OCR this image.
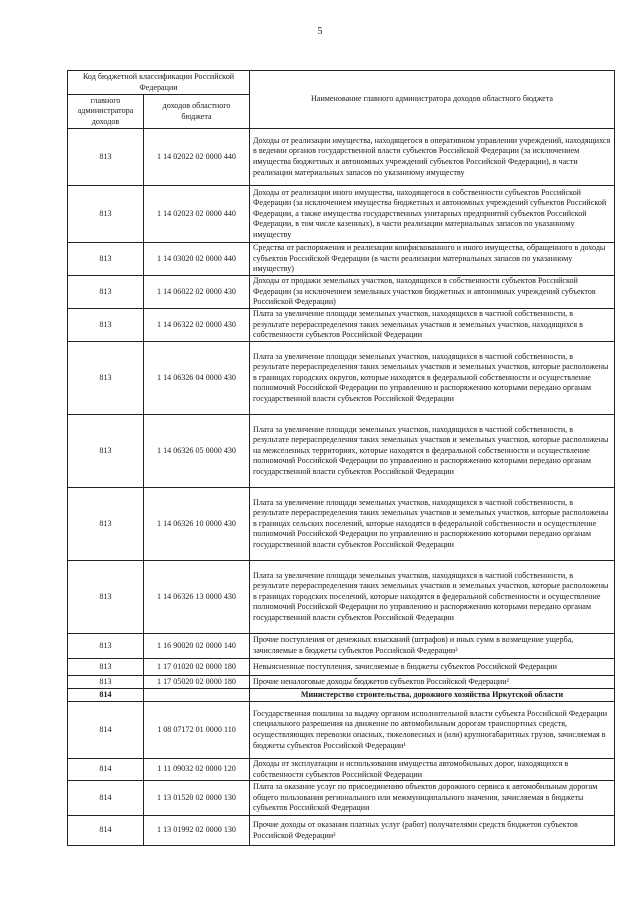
5
Код бюджетной классификации Российской Федерации		Наименование главного администратора доходов областного бюджета
главного администратора доходов	доходов областного бюджета	
813	1 14 02022 02 0000 440	Доходы от реализации имущества, находящегося в оперативном управлении учреждений, находящихся в ведении органов государственной власти субъектов Российской Федерации (за исключением имущества бюджетных и автономных учреждений субъектов Российской Федерации), в части реализации материальных запасов по указанному имуществу
813	1 14 02023 02 0000 440	Доходы от реализации иного имущества, находящегося в собственности субъектов Российской Федерации (за исключением имущества бюджетных и автономных учреждений субъектов Российской Федерации, а также имущества государственных унитарных предприятий субъектов Российской Федерации, в том числе казенных), в части реализации материальных запасов по указанному имуществу
813	1 14 03020 02 0000 440	Средства от распоряжения и реализации конфискованного и иного имущества, обращенного в доходы субъектов Российской Федерации (в части реализации материальных запасов по указанному имуществу)
813	1 14 06022 02 0000 430	Доходы от продажи земельных участков, находящихся в собственности субъектов Российской Федерации (за исключением земельных участков бюджетных и автономных учреждений субъектов Российской Федерации)
813	1 14 06322 02 0000 430	Плата за увеличение площади земельных участков, находящихся в частной собственности, в результате перераспределения таких земельных участков и земельных участков, находящихся в собственности субъектов Российской Федерации
813	1 14 06326 04 0000 430	Плата за увеличение площади земельных участков, находящихся в частной собственности, в результате перераспределения таких земельных участков и земельных участков, которые расположены в границах городских округов, которые находятся в федеральной собственности и осуществление полномочий Российской Федерации по управлению и распоряжению которыми передано органам государственной власти субъектов Российской Федерации
813	1 14 06326 05 0000 430	Плата за увеличение площади земельных участков, находящихся в частной собственности, в результате перераспределения таких земельных участков и земельных участков, которые расположены на межселенных территориях, которые находятся в федеральной собственности и осуществление полномочий Российской Федерации по управлению и распоряжению которыми передано органам государственной власти субъектов Российской Федерации
813	1 14 06326 10 0000 430	Плата за увеличение площади земельных участков, находящихся в частной собственности, в результате перераспределения таких земельных участков и земельных участков, которые расположены в границах сельских поселений, которые находятся в федеральной собственности и осуществление полномочий Российской Федерации по управлению и распоряжению которыми передано органам государственной власти субъектов Российской Федерации
813	1 14 06326 13 0000 430	Плата за увеличение площади земельных участков, находящихся в частной собственности, в результате перераспределения таких земельных участков и земельных участков, которые расположены в границах городских поселений, которые находятся в федеральной собственности и осуществление полномочий Российской Федерации по управлению и распоряжению которыми передано органам государственной власти субъектов Российской Федерации
813	1 16 90020 02 0000 140	Прочие поступления от денежных взысканий (штрафов) и иных сумм в возмещение ущерба, зачисляемые в бюджеты субъектов Российской Федерации²
813	1 17 01020 02 0000 180	Невыясненные поступления, зачисляемые в бюджеты субъектов Российской Федерации
813	1 17 05020 02 0000 180	Прочие неналоговые доходы бюджетов субъектов Российской Федерации²
814		Министерство строительства, дорожного хозяйства Иркутской области
814	1 08 07172 01 0000 110	Государственная пошлина за выдачу органом исполнительной власти субъекта Российской Федерации специального разрешения на движение по автомобильным дорогам транспортных средств, осуществляющих перевозки опасных, тяжеловесных и (или) крупногабаритных грузов, зачисляемая в бюджеты субъектов Российской Федерации¹
814	1 11 09032 02 0000 120	Доходы от эксплуатации и использования имущества автомобильных дорог, находящихся в собственности субъектов Российской Федерации
814	1 13 01520 02 0000 130	Плата за оказание услуг по присоединению объектов дорожного сервиса к автомобильным дорогам общего пользования регионального или межмуниципального значения, зачисляемая в бюджеты субъектов Российской Федерации
814	1 13 01992 02 0000 130	Прочие доходы от оказания платных услуг (работ) получателями средств бюджетов субъектов Российской Федерации²
